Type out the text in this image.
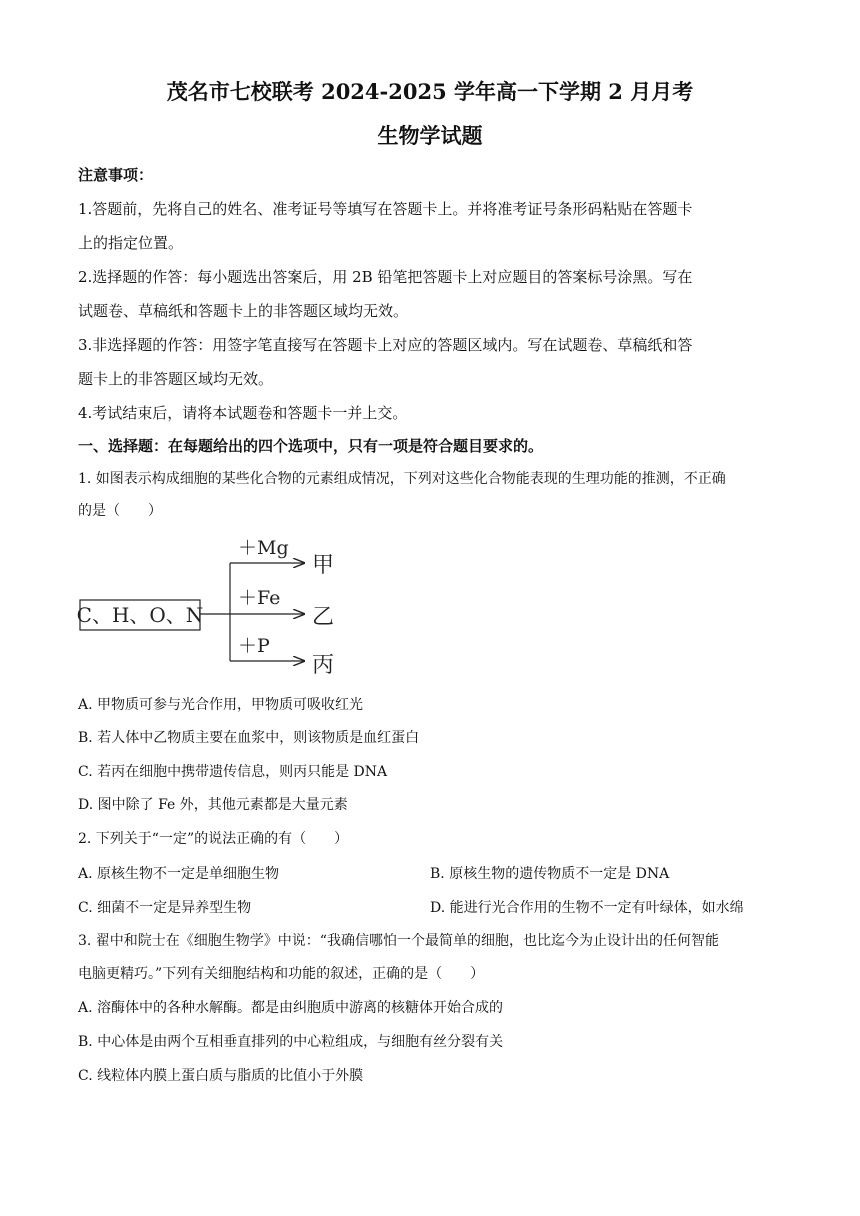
茂名市七校联考 2024-2025 学年高一下学期 2 月月考
生物学试题
注意事项：
1.答题前，先将自己的姓名、准考证号等填写在答题卡上。并将准考证号条形码粘贴在答题卡
上的指定位置。
2.选择题的作答：每小题选出答案后，用 2B 铅笔把答题卡上对应题目的答案标号涂黑。写在
试题卷、草稿纸和答题卡上的非答题区域均无效。
3.非选择题的作答：用签字笔直接写在答题卡上对应的答题区域内。写在试题卷、草稿纸和答
题卡上的非答题区域均无效。
4.考试结束后，请将本试题卷和答题卡一并上交。
一、选择题：在每题给出的四个选项中，只有一项是符合题目要求的。
1. 如图表示构成细胞的某些化合物的元素组成情况，下列对这些化合物能表现的生理功能的推测，不正确
的是（　　）
C、H、O、N
＋Mg
＋Fe
＋P
甲
乙
丙
A. 甲物质可参与光合作用，甲物质可吸收红光
B. 若人体中乙物质主要在血浆中，则该物质是血红蛋白
C. 若丙在细胞中携带遗传信息，则丙只能是 DNA
D. 图中除了 Fe 外，其他元素都是大量元素
2. 下列关于“一定”的说法正确的有（　　）
A. 原核生物不一定是单细胞生物	B. 原核生物的遗传物质不一定是 DNA
C. 细菌不一定是异养型生物	D. 能进行光合作用的生物不一定有叶绿体，如水绵
3. 翟中和院士在《细胞生物学》中说：“我确信哪怕一个最简单的细胞，也比迄今为止设计出的任何智能
电脑更精巧。”下列有关细胞结构和功能的叙述，正确的是（　　）
A. 溶酶体中的各种水解酶。都是由纠胞质中游离的核糖体开始合成的
B. 中心体是由两个互相垂直排列的中心粒组成，与细胞有丝分裂有关
C. 线粒体内膜上蛋白质与脂质的比值小于外膜
